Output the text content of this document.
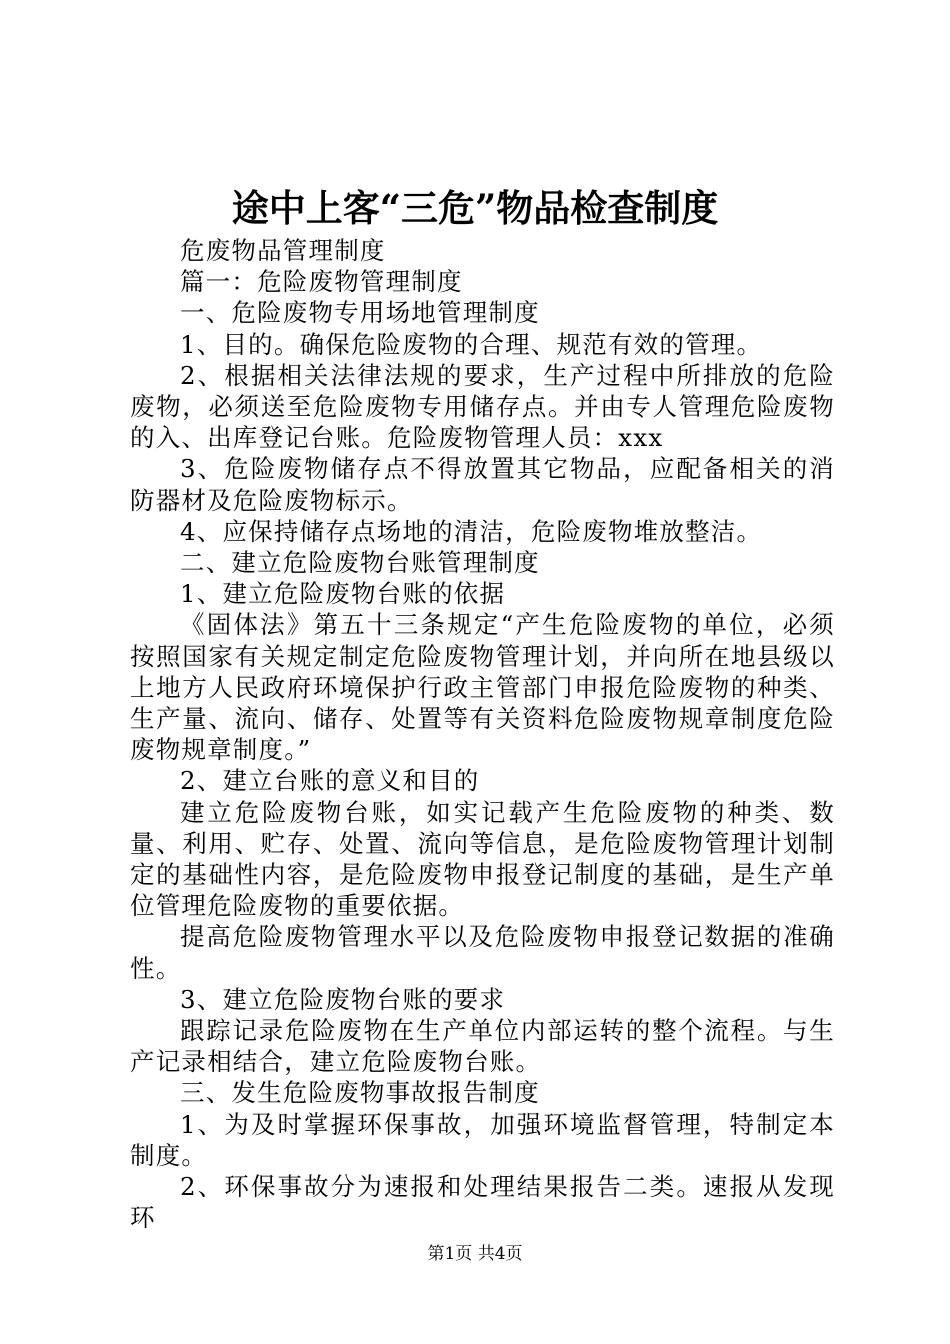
途中上客“三危”物品检查制度

危废物品管理制度

篇一：危险废物管理制度

一、危险废物专用场地管理制度

1、目的。确保危险废物的合理、规范有效的管理。

2、根据相关法律法规的要求，生产过程中所排放的危险废物，必须送至危险废物专用储存点。并由专人管理危险废物的入、出库登记台账。危险废物管理人员：xxx

3、危险废物储存点不得放置其它物品，应配备相关的消防器材及危险废物标示。

4、应保持储存点场地的清洁，危险废物堆放整洁。

二、建立危险废物台账管理制度

1、建立危险废物台账的依据

《固体法》第五十三条规定“产生危险废物的单位，必须按照国家有关规定制定危险废物管理计划，并向所在地县级以上地方人民政府环境保护行政主管部门申报危险废物的种类、生产量、流向、储存、处置等有关资料危险废物规章制度危险废物规章制度。”

2、建立台账的意义和目的

建立危险废物台账，如实记载产生危险废物的种类、数量、利用、贮存、处置、流向等信息，是危险废物管理计划制定的基础性内容，是危险废物申报登记制度的基础，是生产单位管理危险废物的重要依据。

提高危险废物管理水平以及危险废物申报登记数据的准确性。

3、建立危险废物台账的要求

跟踪记录危险废物在生产单位内部运转的整个流程。与生产记录相结合，建立危险废物台账。

三、发生危险废物事故报告制度

1、为及时掌握环保事故，加强环境监督管理，特制定本制度。

2、环保事故分为速报和处理结果报告二类。速报从发现环

第1页 共4页
